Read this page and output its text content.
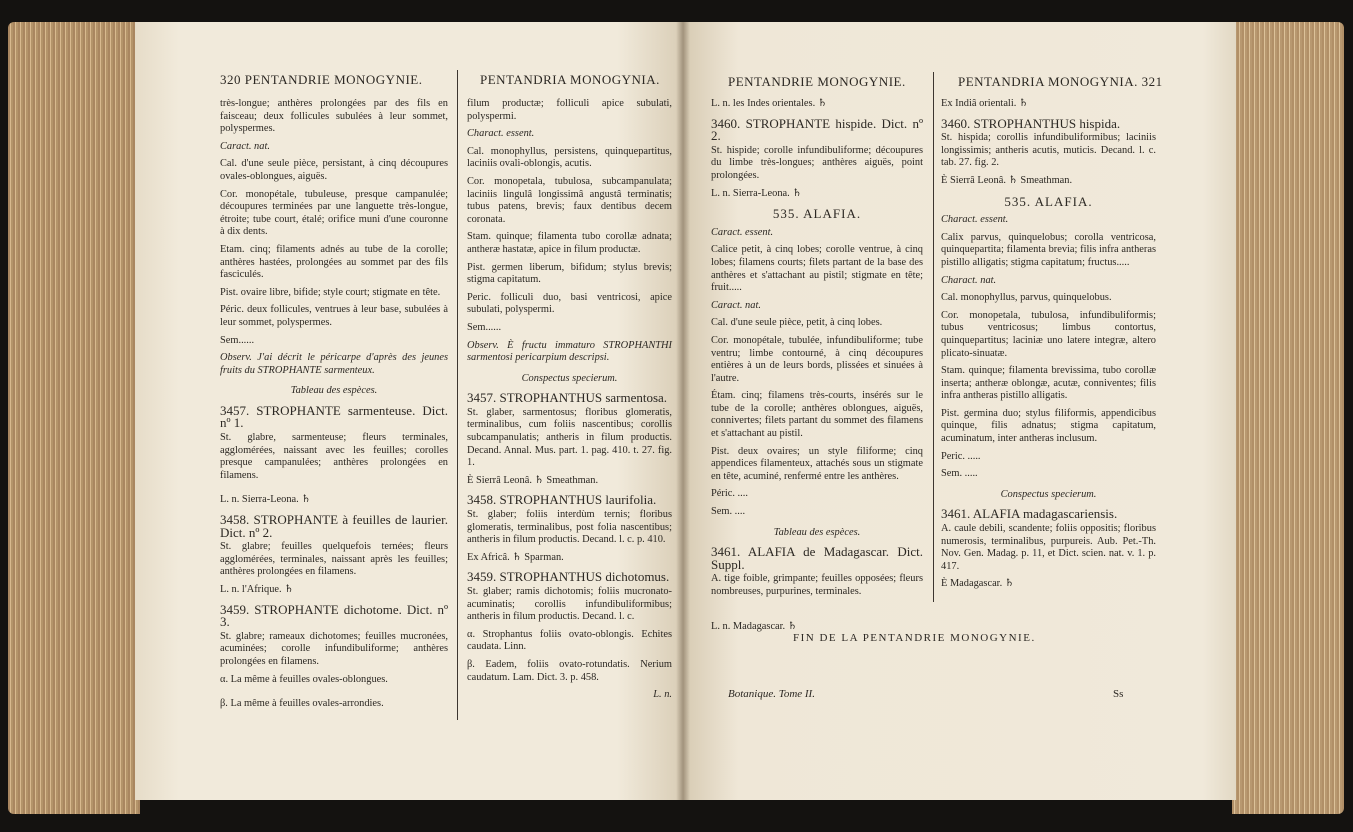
320 PENTANDRIE MONOGYNIE.	PENTANDRIA MONOGYNIA.

très-longue; anthères prolongées par des fils en faisceau; deux follicules subulées à leur sommet, polyspermes.

Caract. nat.

Cal. d'une seule pièce, persistant, à cinq découpures ovales-oblongues, aiguës.

Cor. monopétale, tubuleuse, presque campanulée; découpures terminées par une languette très-longue, étroite; tube court, étalé; orifice muni d'une couronne à dix dents.

Etam. cinq; filaments adnés au tube de la corolle; anthères hastées, prolongées au sommet par des fils fasciculés.

Pist. ovaire libre, bifide; style court; stigmate en tête.

Péric. deux follicules, ventrues à leur base, subulées à leur sommet, polyspermes.

Sem......

Observ. J'ai décrit le péricarpe d'après des jeunes fruits du STROPHANTE sarmenteux.

Tableau des espèces.

3457. STROPHANTE sarmenteuse. Dict. nº 1.

St. glabre, sarmenteuse; fleurs terminales, agglomérées, naissant avec les feuilles; corolles presque campanulées; anthères prolongées en filamens.

L. n. Sierra-Leona. ♄

3458. STROPHANTE à feuilles de laurier. Dict. nº 2.

St. glabre; feuilles quelquefois ternées; fleurs agglomérées, terminales, naissant après les feuilles; anthères prolongées en filamens.

L. n. l'Afrique. ♄

3459. STROPHANTE dichotome. Dict. nº 3.

St. glabre; rameaux dichotomes; feuilles mucronées, acuminées; corolle infundibuliforme; anthères prolongées en filamens.

α. La même à feuilles ovales-oblongues.

β. La même à feuilles ovales-arrondies.

filum productæ; folliculi apice subulati, polyspermi.

Charact. essent.

Cal. monophyllus, persistens, quinquepartitus, laciniis ovali-oblongis, acutis.

Cor. monopetala, tubulosa, subcampanulata; laciniis lingulâ longissimâ angustâ terminatis; tubus patens, brevis; faux dentibus decem coronata.

Stam. quinque; filamenta tubo corollæ adnata; antheræ hastatæ, apice in filum productæ.

Pist. germen liberum, bifidum; stylus brevis; stigma capitatum.

Peric. folliculi duo, basi ventricosi, apice subulati, polyspermi.

Sem......

Observ. È fructu immaturo STROPHANTHI sarmentosi pericarpium descripsi.

Conspectus specierum.

3457. STROPHANTHUS sarmentosa.

St. glaber, sarmentosus; floribus glomeratis, terminalibus, cum foliis nascentibus; corollis subcampanulatis; antheris in filum productis. Decand. Annal. Mus. part. 1. pag. 410. t. 27. fig. 1.

È Sierrâ Leonâ. ♄ Smeathman.

3458. STROPHANTHUS laurifolia.

St. glaber; foliis interdùm ternis; floribus glomeratis, terminalibus, post folia nascentibus; antheris in filum productis. Decand. l. c. p. 410.

Ex Africâ. ♄ Sparman.

3459. STROPHANTHUS dichotomus.

St. glaber; ramis dichotomis; foliis mucronato-acuminatis; corollis infundibuliformibus; antheris in filum productis. Decand. l. c.

α. Strophantus foliis ovato-oblongis. Echites caudata. Linn.

β. Eadem, foliis ovato-rotundatis. Nerium caudatum. Lam. Dict. 3. p. 458.

L. n.

PENTANDRIE MONOGYNIE.	PENTANDRIA MONOGYNIA. 321

L. n. les Indes orientales. ♄

3460. STROPHANTE hispide. Dict. nº 2.

St. hispide; corolle infundibuliforme; découpures du limbe très-longues; anthères aiguës, point prolongées.

L. n. Sierra-Leona. ♄

535. ALAFIA.

Caract. essent.

Calice petit, à cinq lobes; corolle ventrue, à cinq lobes; filamens courts; filets partant de la base des anthères et s'attachant au pistil; stigmate en tête; fruit.....

Caract. nat.

Cal. d'une seule pièce, petit, à cinq lobes.

Cor. monopétale, tubulée, infundibuliforme; tube ventru; limbe contourné, à cinq découpures entières à un de leurs bords, plissées et sinuées à l'autre.

Étam. cinq; filamens très-courts, insérés sur le tube de la corolle; anthères oblongues, aiguës, connivertes; filets partant du sommet des filamens et s'attachant au pistil.

Pist. deux ovaires; un style filiforme; cinq appendices filamenteux, attachés sous un stigmate en tête, acuminé, renfermé entre les anthères.

Péric. ....

Sem. ....

Tableau des espèces.

3461. ALAFIA de Madagascar. Dict. Suppl.

A. tige foible, grimpante; feuilles opposées; fleurs nombreuses, purpurines, terminales.

L. n. Madagascar. ♄

Ex Indiâ orientali. ♄

3460. STROPHANTHUS hispida.

St. hispida; corollis infundibuliformibus; laciniis longissimis; antheris acutis, muticis. Decand. l. c. tab. 27. fig. 2.

È Sierrâ Leonâ. ♄ Smeathman.

535. ALAFIA.

Charact. essent.

Calix parvus, quinquelobus; corolla ventricosa, quinquepartita; filamenta brevia; filis infra antheras pistillo alligatis; stigma capitatum; fructus.....

Charact. nat.

Cal. monophyllus, parvus, quinquelobus.

Cor. monopetala, tubulosa, infundibuliformis; tubus ventricosus; limbus contortus, quinquepartitus; laciniæ uno latere integræ, altero plicato-sinuatæ.

Stam. quinque; filamenta brevissima, tubo corollæ inserta; antheræ oblongæ, acutæ, conniventes; filis infra antheras pistillo alligatis.

Pist. germina duo; stylus filiformis, appendicibus quinque, filis adnatus; stigma capitatum, acuminatum, inter antheras inclusum.

Peric. .....

Sem. .....

Conspectus specierum.

3461. ALAFIA madagascariensis.

A. caule debili, scandente; foliis oppositis; floribus numerosis, terminalibus, purpureis. Aub. Pet.-Th. Nov. Gen. Madag. p. 11, et Dict. scien. nat. v. 1. p. 417.

È Madagascar. ♄

FIN DE LA PENTANDRIE MONOGYNIE.
Botanique. Tome II.	Ss
